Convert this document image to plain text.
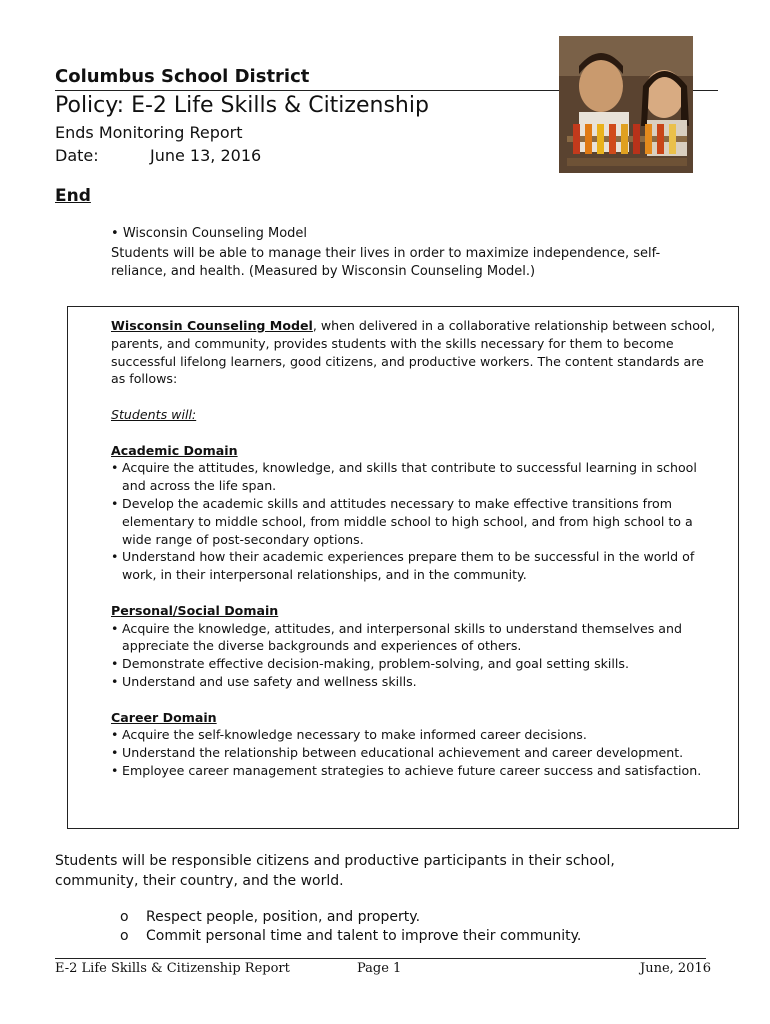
Columbus School District
Policy: E-2 Life Skills & Citizenship
Ends Monitoring Report
Date:	June 13, 2016
End
• Wisconsin Counseling Model
Students will be able to manage their lives in order to maximize independence, self-reliance, and health. (Measured by Wisconsin Counseling Model.)

Wisconsin Counseling Model, when delivered in a collaborative relationship between school, parents, and community, provides students with the skills necessary for them to become successful lifelong learners, good citizens, and productive workers. The content standards are as follows:

Students will:

Academic Domain

• Acquire the attitudes, knowledge, and skills that contribute to successful learning in school and across the life span.
• Develop the academic skills and attitudes necessary to make effective transitions from elementary to middle school, from middle school to high school, and from high school to a wide range of post-secondary options.
• Understand how their academic experiences prepare them to be successful in the world of work, in their interpersonal relationships, and in the community.

Personal/Social Domain

• Acquire the knowledge, attitudes, and interpersonal skills to understand themselves and appreciate the diverse backgrounds and experiences of others.
• Demonstrate effective decision-making, problem-solving, and goal setting skills.
• Understand and use safety and wellness skills.

Career Domain

• Acquire the self-knowledge necessary to make informed career decisions.
• Understand the relationship between educational achievement and career development.
• Employee career management strategies to achieve future career success and satisfaction.
Students will be responsible citizens and productive participants in their school, community, their country, and the world.
o Respect people, position, and property.
o Commit personal time and talent to improve their community.
E-2 Life Skills & Citizenship Report	Page 1	June, 2016
